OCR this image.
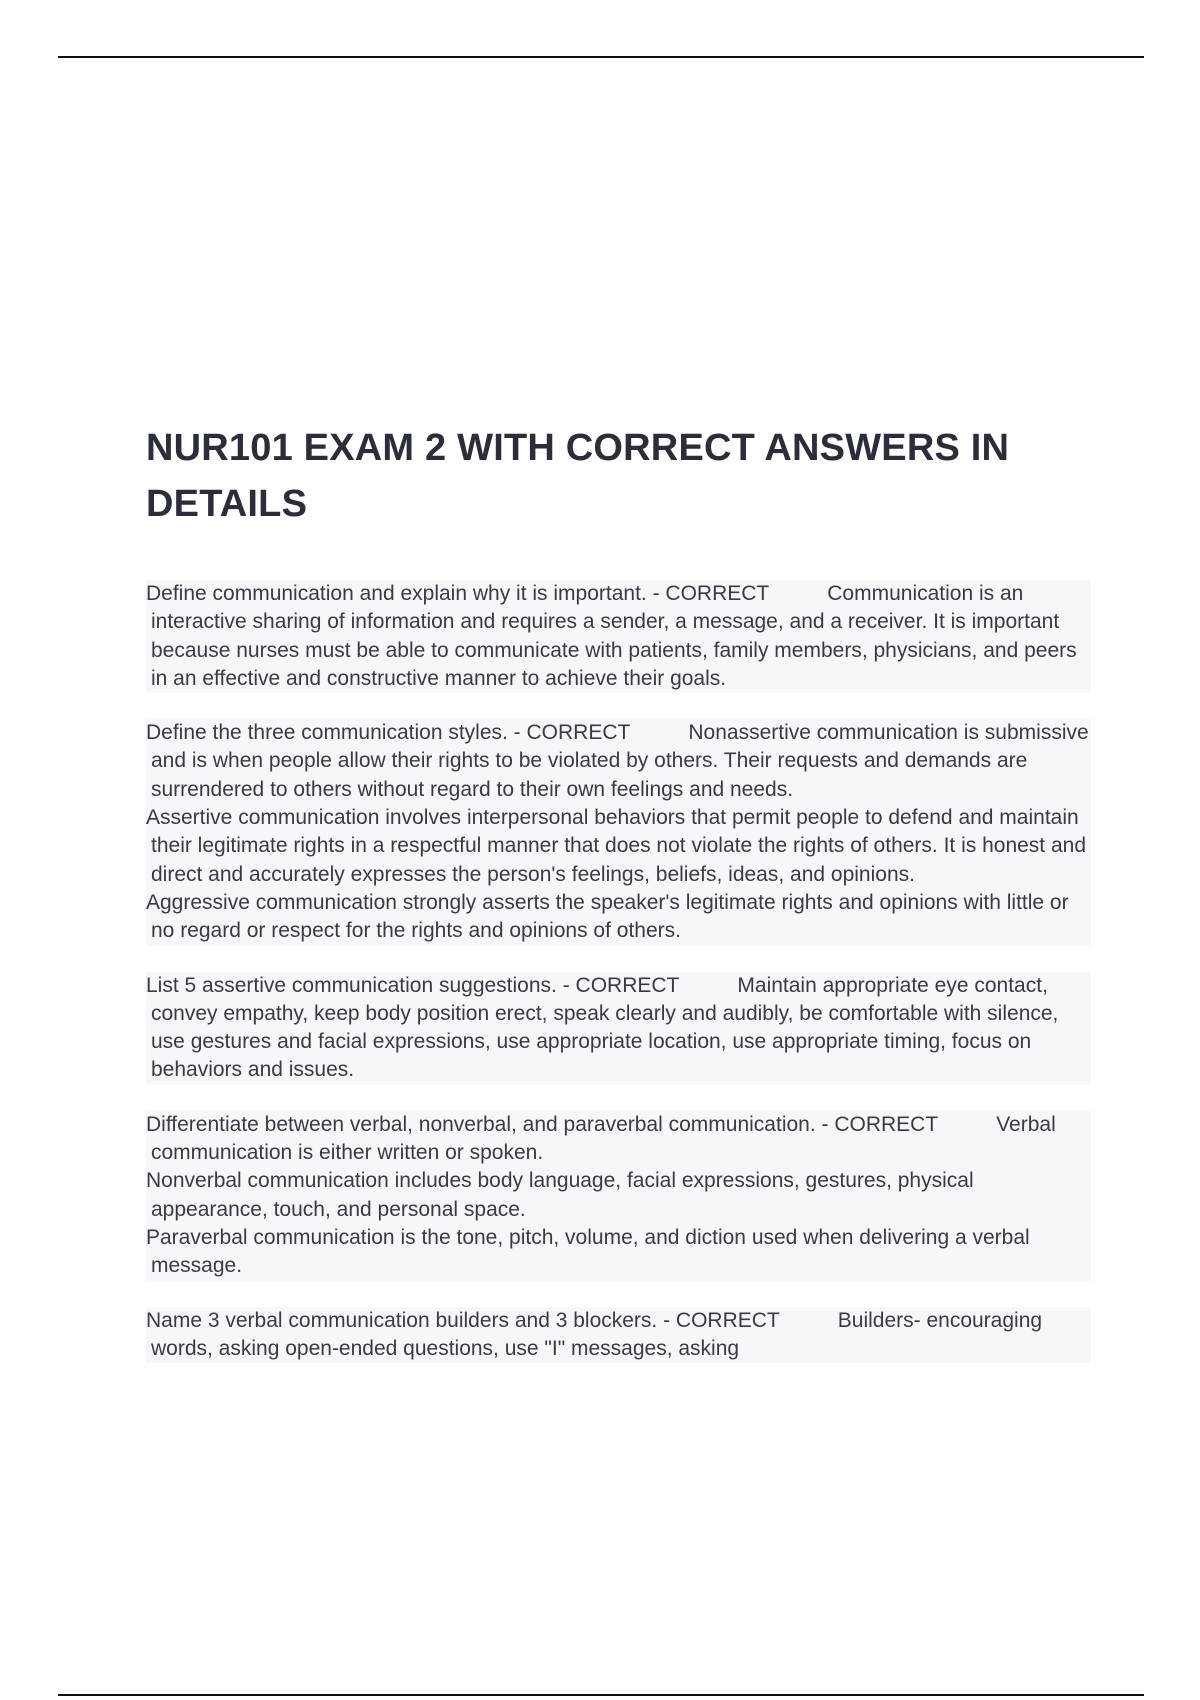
NUR101 EXAM 2 WITH CORRECT ANSWERS IN DETAILS
Define communication and explain why it is important. - CORRECT	Communication is an interactive sharing of information and requires a sender, a message, and a receiver. It is important because nurses must be able to communicate with patients, family members, physicians, and peers in an effective and constructive manner to achieve their goals.
Define the three communication styles. - CORRECT	Nonassertive communication is submissive and is when people allow their rights to be violated by others. Their requests and demands are surrendered to others without regard to their own feelings and needs.
Assertive communication involves interpersonal behaviors that permit people to defend and maintain their legitimate rights in a respectful manner that does not violate the rights of others. It is honest and direct and accurately expresses the person's feelings, beliefs, ideas, and opinions.
Aggressive communication strongly asserts the speaker's legitimate rights and opinions with little or no regard or respect for the rights and opinions of others.
List 5 assertive communication suggestions. - CORRECT	Maintain appropriate eye contact, convey empathy, keep body position erect, speak clearly and audibly, be comfortable with silence, use gestures and facial expressions, use appropriate location, use appropriate timing, focus on behaviors and issues.
Differentiate between verbal, nonverbal, and paraverbal communication. - CORRECT	Verbal communication is either written or spoken.
Nonverbal communication includes body language, facial expressions, gestures, physical appearance, touch, and personal space.
Paraverbal communication is the tone, pitch, volume, and diction used when delivering a verbal message.
Name 3 verbal communication builders and 3 blockers. - CORRECT	Builders- encouraging words, asking open-ended questions, use "I" messages, asking
